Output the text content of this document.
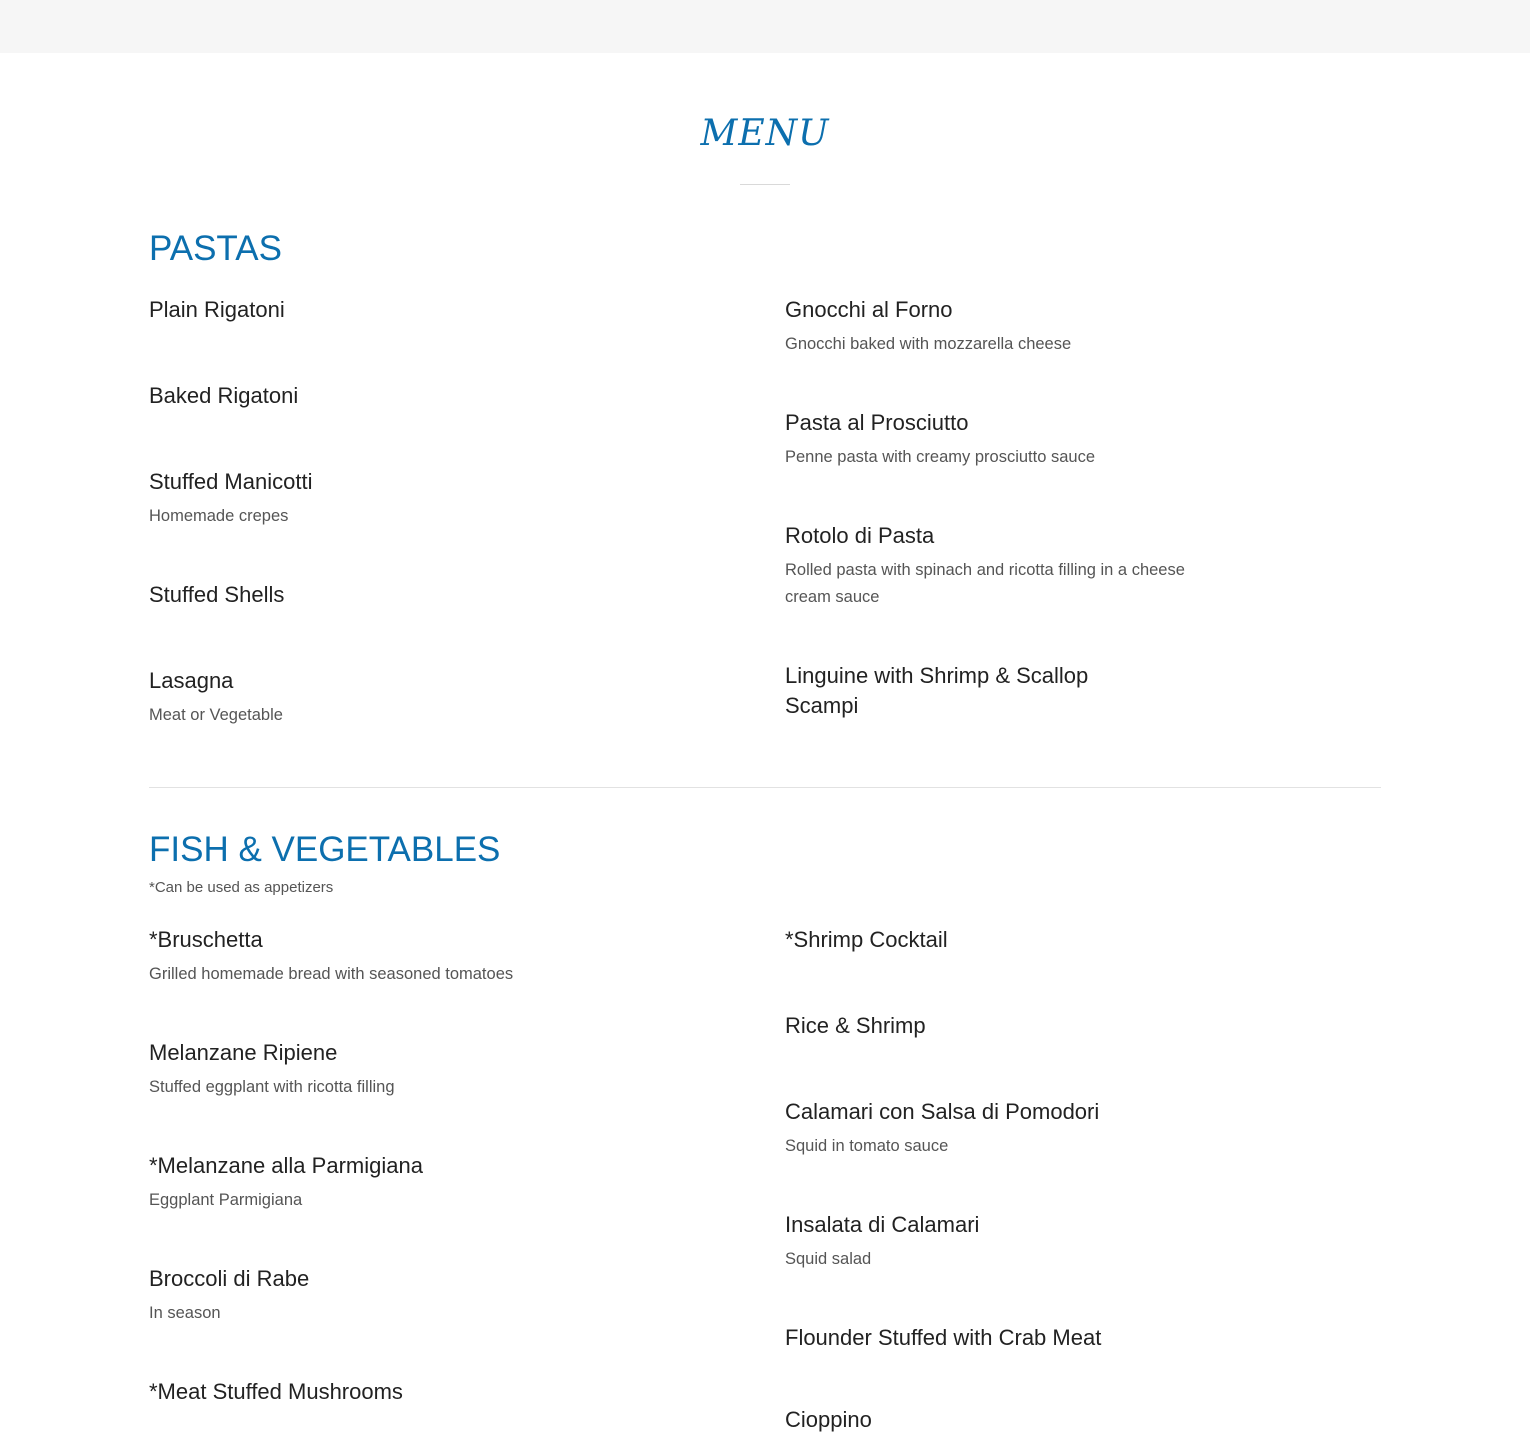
MENU
PASTAS
Plain Rigatoni
Baked Rigatoni
Stuffed Manicotti
Homemade crepes
Stuffed Shells
Lasagna
Meat or Vegetable
Gnocchi al Forno
Gnocchi baked with mozzarella cheese
Pasta al Prosciutto
Penne pasta with creamy prosciutto sauce
Rotolo di Pasta
Rolled pasta with spinach and ricotta filling in a cheese cream sauce
Linguine with Shrimp & Scallop Scampi
FISH & VEGETABLES
*Can be used as appetizers
*Bruschetta
Grilled homemade bread with seasoned tomatoes
Melanzane Ripiene
Stuffed eggplant with ricotta filling
*Melanzane alla Parmigiana
Eggplant Parmigiana
Broccoli di Rabe
In season
*Meat Stuffed Mushrooms
*Shrimp Cocktail
Rice & Shrimp
Calamari con Salsa di Pomodori
Squid in tomato sauce
Insalata di Calamari
Squid salad
Flounder Stuffed with Crab Meat
Cioppino
